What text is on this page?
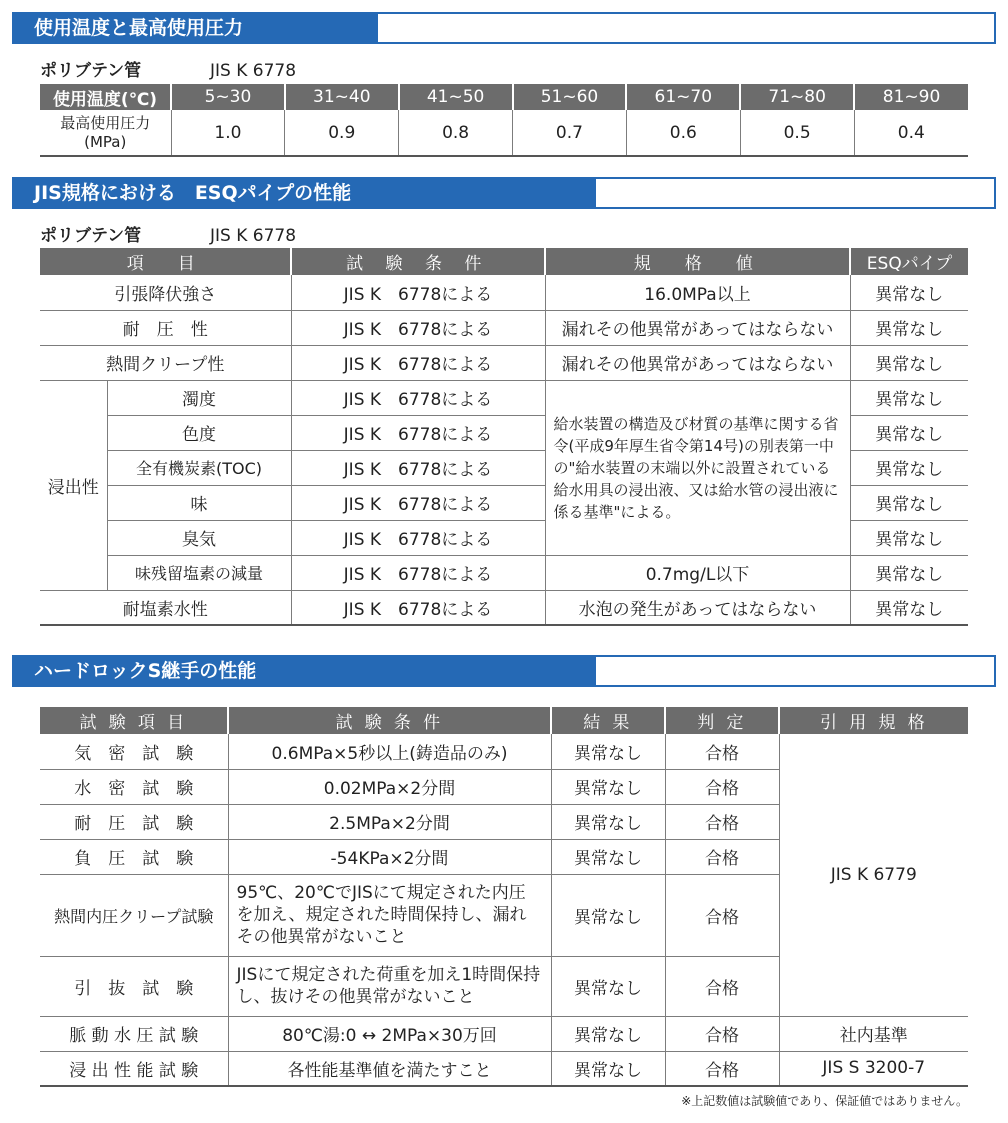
使用温度と最高使用圧力
ポリブテン管	JIS K 6778
使用温度(℃)	5~30	31~40	41~50	51~60	61~70	71~80	81~90

最高使用圧力
(MPa)	1.0	0.9	0.8	0.7	0.6	0.5	0.4
JIS規格における　ESQパイプの性能
ポリブテン管	JIS K 6778
項　目		試 験 条 件	規　格　値	ESQパイプ
引張降伏強さ		JIS K　6778による	16.0MPa以上	異常なし
耐　圧　性		JIS K　6778による	漏れその他異常があってはならない	異常なし
熱間クリープ性		JIS K　6778による	漏れその他異常があってはならない	異常なし
浸出性	濁度	JIS K　6778による	給水装置の構造及び材質の基準に関する省令(平成9年厚生省令第14号)の別表第一中の"給水装置の末端以外に設置されている給水用具の浸出液、又は給水管の浸出液に係る基準"による。	異常なし
	色度	JIS K　6778による		異常なし
	全有機炭素(TOC)	JIS K　6778による		異常なし
	味	JIS K　6778による		異常なし
	臭気	JIS K　6778による		異常なし
	味残留塩素の減量	JIS K　6778による	0.7mg/L以下	異常なし
耐塩素水性		JIS K　6778による	水泡の発生があってはならない	異常なし
ハードロックS継手の性能
試 験 項 目	試 験 条 件	結 果	判 定	引 用 規 格
気　密　試　験	0.6MPa×5秒以上(鋳造品のみ)	異常なし	合格	JIS K 6779
水　密　試　験	0.02MPa×2分間	異常なし	合格	
耐　圧　試　験	2.5MPa×2分間	異常なし	合格	
負　圧　試　験	-54KPa×2分間	異常なし	合格	
熱間内圧クリープ試験	95℃、20℃でJISにて規定された内圧を加え、規定された時間保持し、漏れその他異常がないこと	異常なし	合格	
引　抜　試　験	JISにて規定された荷重を加え1時間保持し、抜けその他異常がないこと	異常なし	合格	
脈 動 水 圧 試 験	80℃湯:0 ↔ 2MPa×30万回	異常なし	合格	社内基準
浸 出 性 能 試 験	各性能基準値を満たすこと	異常なし	合格	JIS S 3200-7
※上記数値は試験値であり、保証値ではありません。
